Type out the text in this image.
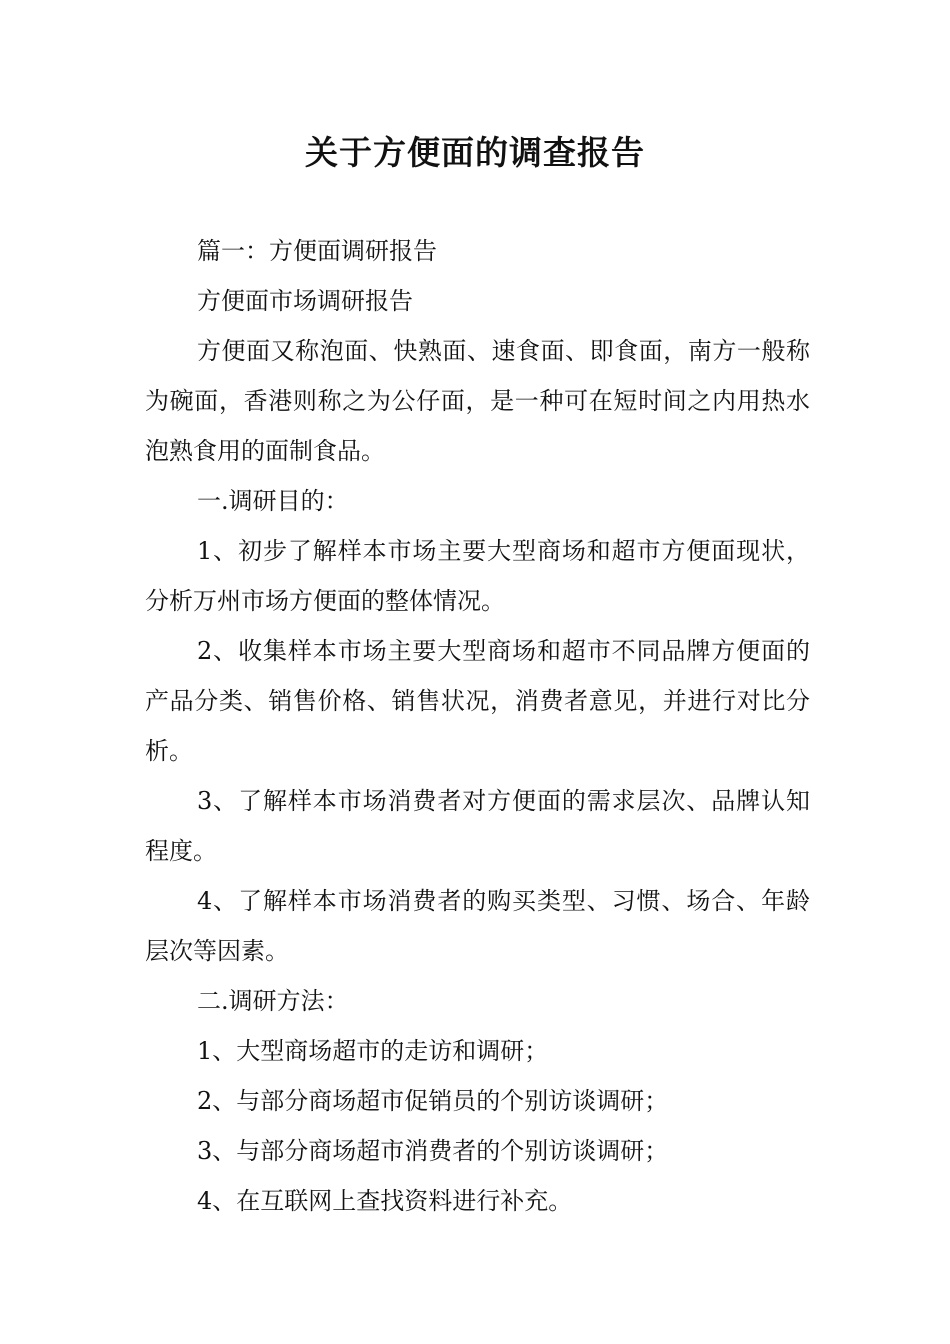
关于方便面的调查报告

篇一：方便面调研报告

方便面市场调研报告

方便面又称泡面、快熟面、速食面、即食面，南方一般称为碗面，香港则称之为公仔面，是一种可在短时间之内用热水泡熟食用的面制食品。

一.调研目的：

1、初步了解样本市场主要大型商场和超市方便面现状，分析万州市场方便面的整体情况。

2、收集样本市场主要大型商场和超市不同品牌方便面的产品分类、销售价格、销售状况，消费者意见，并进行对比分析。

3、了解样本市场消费者对方便面的需求层次、品牌认知程度。

4、了解样本市场消费者的购买类型、习惯、场合、年龄层次等因素。

二.调研方法：

1、大型商场超市的走访和调研；

2、与部分商场超市促销员的个别访谈调研；

3、与部分商场超市消费者的个别访谈调研；

4、在互联网上查找资料进行补充。
